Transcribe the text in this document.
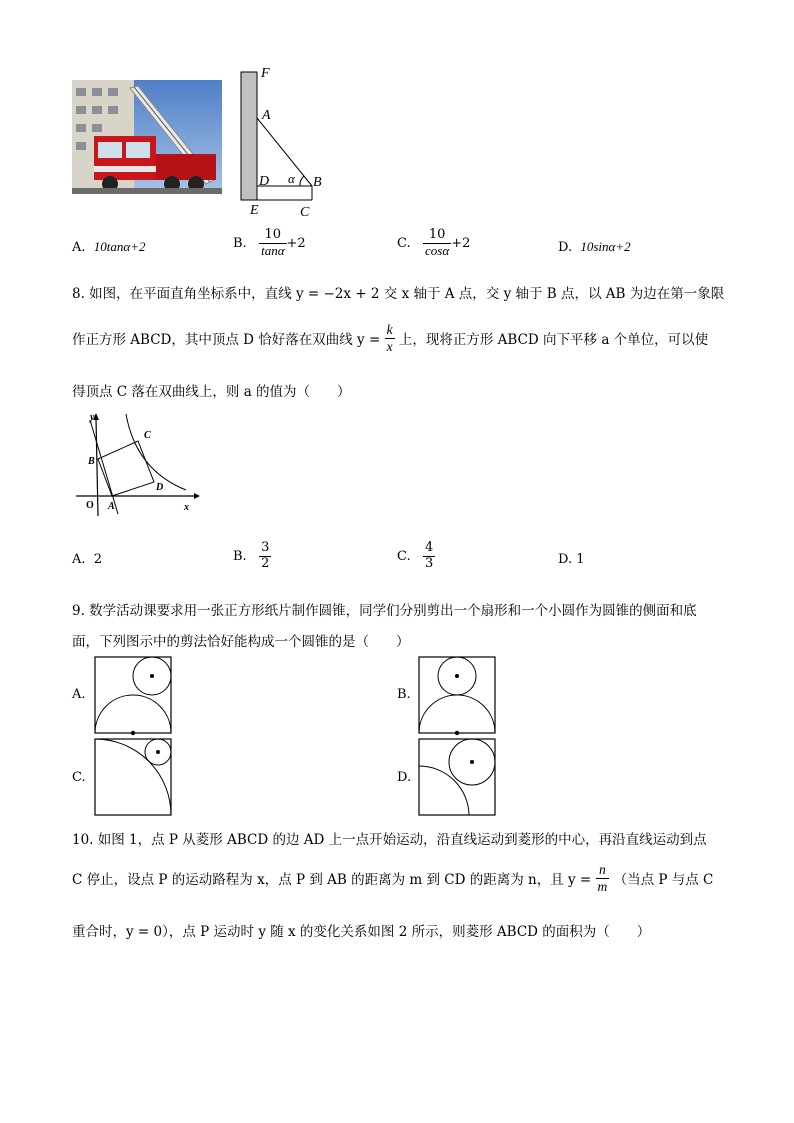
F
A
D α B
E	C
A. 10tanα+2	B. $\frac{10}{\tan\alpha} +2$	C. $\frac{10}{\cos\alpha} +2$	D. 10sinα+2
8. 如图，在平面直角坐标系中，直线 y = −2x + 2 交 x 轴于 A 点，交 y 轴于 B 点，以 AB 为边在第一象限
作正方形 ABCD，其中顶点 D 恰好落在双曲线 $y = \frac{k}{x}$ 上，现将正方形 ABCD 向下平移 a 个单位，可以使
得顶点 C 落在双曲线上，则 a 的值为（　　）
y
x
O A
B
C
D
A. 2	B. $\frac{3}{2}$	C. $\frac{4}{3}$	D. 1
9. 数学活动课要求用一张正方形纸片制作圆锥，同学们分别剪出一个扇形和一个小圆作为圆锥的侧面和底
面，下列图示中的剪法恰好能构成一个圆锥的是（　　）
A.	B.
C.	D.
10. 如图 1，点 P 从菱形 ABCD 的边 AD 上一点开始运动，沿直线运动到菱形的中心，再沿直线运动到点
C 停止，设点 P 的运动路程为 x，点 P 到 AB 的距离为 m 到 CD 的距离为 n，且 $y = \frac{n}{m}$ （当点 P 与点 C
重合时，y = 0），点 P 运动时 y 随 x 的变化关系如图 2 所示，则菱形 ABCD 的面积为（　　）
